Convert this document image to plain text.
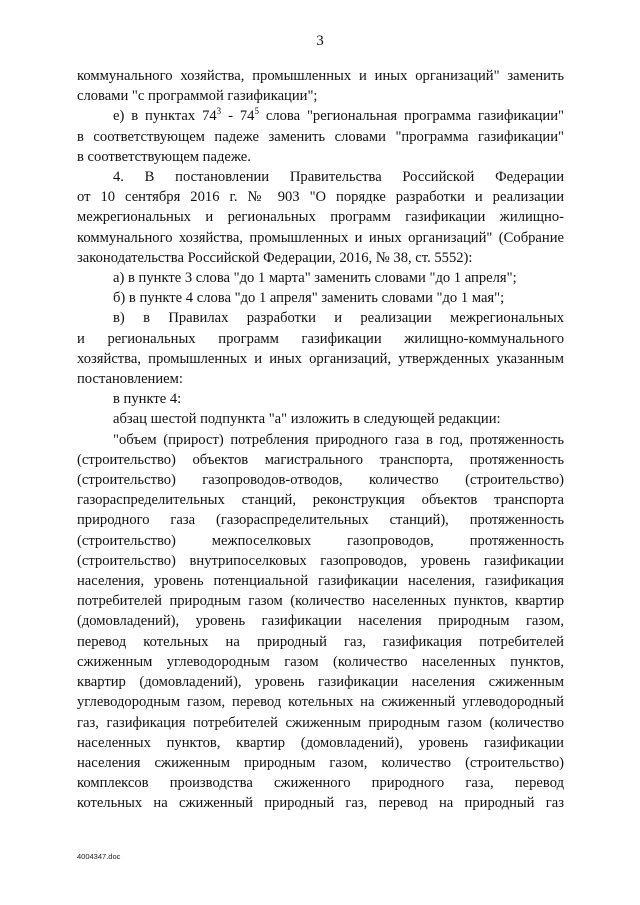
3

коммунального хозяйства, промышленных и иных организаций" заменить

словами "с программой газификации";

е) в пунктах $74^3 - 74^5$ слова "региональная программа газификации"

в соответствующем падеже заменить словами "программа газификации"

в соответствующем падеже.

4. В постановлении Правительства Российской Федерации

от 10 сентября 2016 г. № 903 "О порядке разработки и реализации

межрегиональных и региональных программ газификации жилищно-

коммунального хозяйства, промышленных и иных организаций" (Собрание

законодательства Российской Федерации, 2016, № 38, ст. 5552):

а) в пункте 3 слова "до 1 марта" заменить словами "до 1 апреля";

б) в пункте 4 слова "до 1 апреля" заменить словами "до 1 мая";

в) в Правилах разработки и реализации межрегиональных

и региональных программ газификации жилищно-коммунального

хозяйства, промышленных и иных организаций, утвержденных указанным

постановлением:

в пункте 4:

абзац шестой подпункта "а" изложить в следующей редакции:

"объем (прирост) потребления природного газа в год, протяженность

(строительство) объектов магистрального транспорта, протяженность

(строительство) газопроводов-отводов, количество (строительство)

газораспределительных станций, реконструкция объектов транспорта

природного газа (газораспределительных станций), протяженность

(строительство) межпоселковых газопроводов, протяженность

(строительство) внутрипоселковых газопроводов, уровень газификации

населения, уровень потенциальной газификации населения, газификация

потребителей природным газом (количество населенных пунктов, квартир

(домовладений), уровень газификации населения природным газом,

перевод котельных на природный газ, газификация потребителей

сжиженным углеводородным газом (количество населенных пунктов,

квартир (домовладений), уровень газификации населения сжиженным

углеводородным газом, перевод котельных на сжиженный углеводородный

газ, газификация потребителей сжиженным природным газом (количество

населенных пунктов, квартир (домовладений), уровень газификации

населения сжиженным природным газом, количество (строительство)

комплексов производства сжиженного природного газа, перевод

котельных на сжиженный природный газ, перевод на природный газ

4004347.doc
